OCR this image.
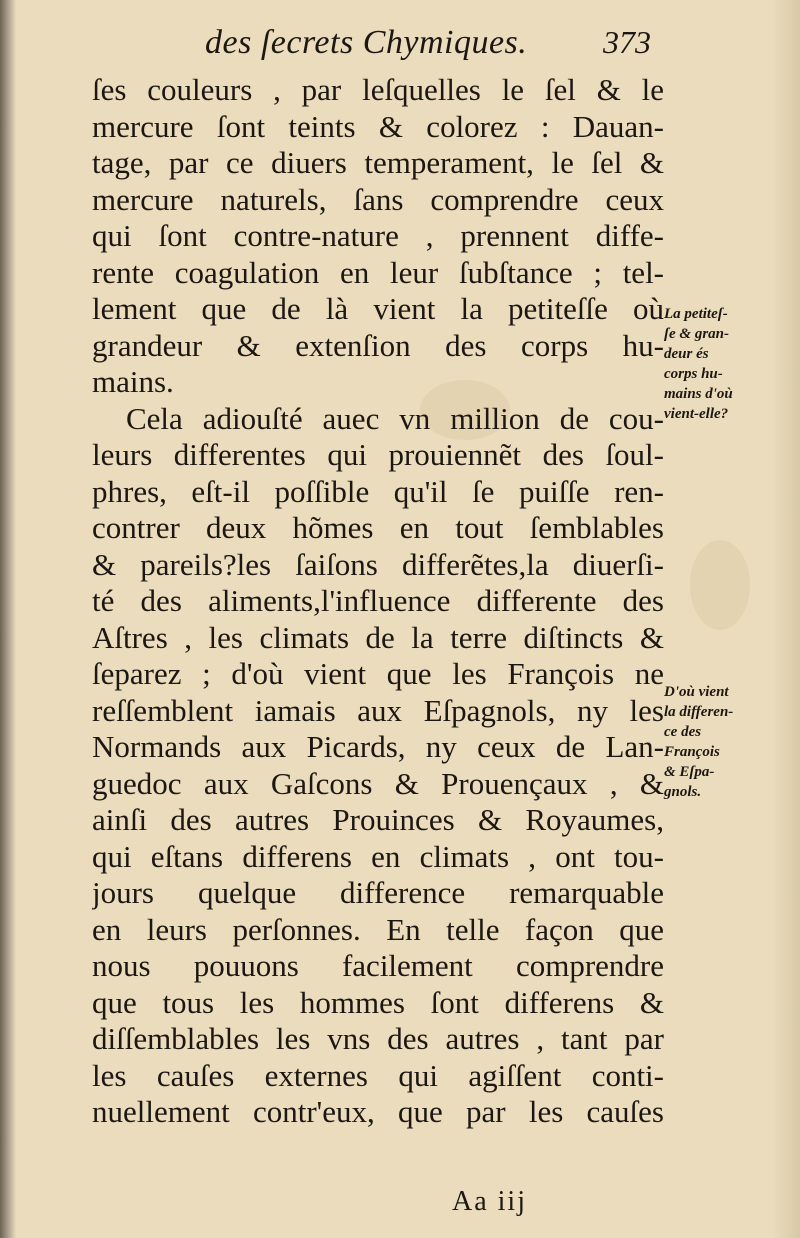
des ſecrets Chymiques. 373
ſes couleurs , par leſquelles le ſel & le
mercure ſont teints & colorez : Dauan-
tage, par ce diuers temperament, le ſel &
mercure naturels, ſans comprendre ceux
qui ſont contre-nature , prennent diffe-
rente coagulation en leur ſubſtance ; tel-
lement que de là vient la petiteſſe où
grandeur & extenſion des corps hu-
mains.
Cela adiouſté auec vn million de cou-
leurs differentes qui prouiennẽt des ſoul-
phres, eſt-il poſſible qu'il ſe puiſſe ren-
contrer deux hõmes en tout ſemblables
& pareils?les ſaiſons differẽtes,la diuerſi-
té des aliments,l'influence differente des
Aſtres , les climats de la terre diſtincts &
ſeparez ; d'où vient que les François ne
reſſemblent iamais aux Eſpagnols, ny les
Normands aux Picards, ny ceux de Lan-
guedoc aux Gaſcons & Prouençaux , &
ainſi des autres Prouinces & Royaumes,
qui eſtans differens en climats , ont tou-
jours quelque difference remarquable
en leurs perſonnes. En telle façon que
nous pouuons facilement comprendre
que tous les hommes ſont differens &
diſſemblables les vns des autres , tant par
les cauſes externes qui agiſſent conti-
nuellement contr'eux, que par les cauſes
La petiteſ-
ſe & gran-
deur és
corps hu-
mains d'où
vient-elle?
D'où vient
la differen-
ce des
François
& Eſpa-
gnols.
Aa iij
